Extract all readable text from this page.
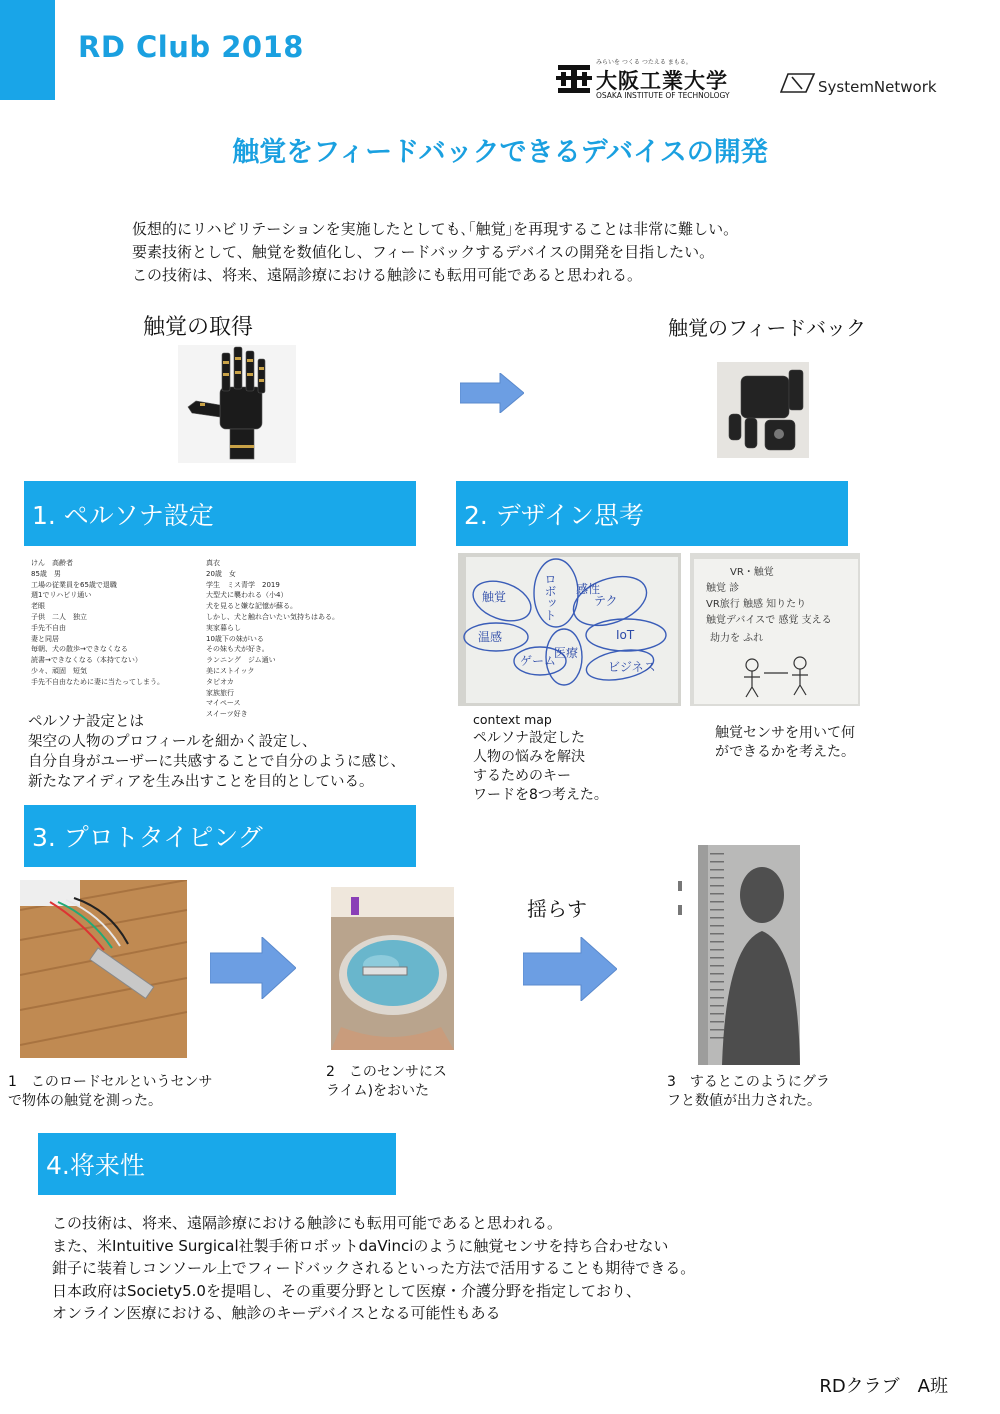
RD Club 2018	みらいを つくる つたえる まもる。
大阪工業大学
OSAKA INSTITUTE OF TECHNOLOGY	SystemNetwork
触覚をフィードバックできるデバイスの開発
仮想的にリハビリテーションを実施したとしても､｢触覚｣を再現することは非常に難しい。
要素技術として、触覚を数値化し、フィードバックするデバイスの開発を目指したい。
この技術は、将来、遠隔診療における触診にも転用可能であると思われる。
触覚の取得	触覚のフィードバック
1. ペルソナ設定
けん　高齢者
85歳　男
工場の従業員を65歳で退職
週1でリハビリ通い
老眼
子供　二人　独立
手先不自由
妻と同居
毎朝、犬の散歩→できなくなる
読書→できなくなる（本持てない）
少々、頑固　短気
手先不自由なために妻に当たってしまう。
真衣
20歳　女
学生　ミス青学　2019
大型犬に襲われる（小4）
犬を見ると嫌な記憶が蘇る。
しかし、犬と触れ合いたい気持ちはある。
実家暮らし
10歳下の妹がいる
その妹も犬が好き。
ランニング　ジム通い
美にストイック
タピオカ
家族旅行
マイペース
スイーツ好き
ペルソナ設定とは
架空の人物のプロフィールを細かく設定し、
自分自身がユーザーに共感することで自分のように感じ、
新たなアイディアを生み出すことを目的としている。
2. デザイン思考
ロボット
触覚
医療
温感	IoT
ビジネス
テク
ゲーム
感性
VR・触覚
触覚 診
VR旅行 触感 知りたり
触覚デバイスで 感覚 支える
劫力を ふれ
context map
ペルソナ設定した
人物の悩みを解決
するためのキー
ワードを8つ考えた。
触覚センサを用いて何
ができるかを考えた。
3. プロトタイピング
揺らす
1　このロードセルというセンサ
で物体の触覚を測った。
2　このセンサにス
ライム)をおいた
3　するとこのようにグラ
フと数値が出力された。
4.将来性
この技術は、将来、遠隔診療における触診にも転用可能であると思われる。
また、米Intuitive Surgical社製手術ロボットdaVinciのように触覚センサを持ち合わせない
鉗子に装着しコンソール上でフィードバックされるといった方法で活用することも期待できる。
日本政府はSociety5.0を提唱し、その重要分野として医療・介護分野を指定しており、
オンライン医療における、触診のキーデバイスとなる可能性もある
RDクラブ　A班
